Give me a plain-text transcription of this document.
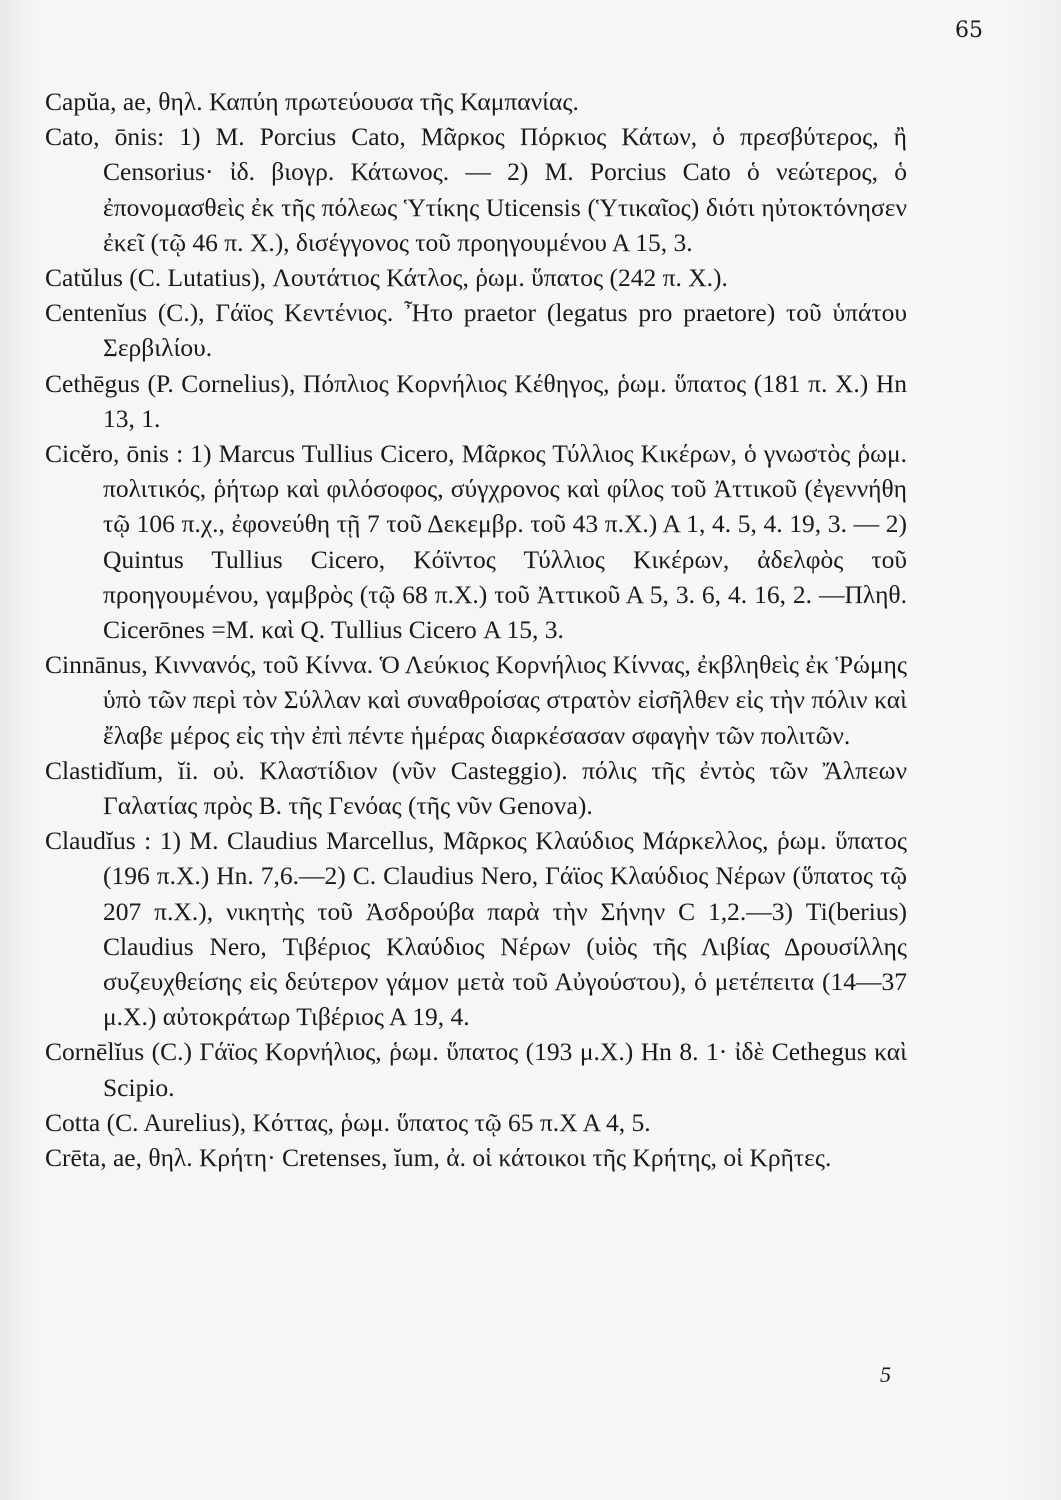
65

Capŭa, ae, θηλ. Καπύη πρωτεύουσα τῆς Καμπανίας.

Cato, ōnis: 1) M. Porcius Cato, Μᾶρκος Πόρκιος Κάτων, ὁ πρεσβύτερος, ἢ Censorius· ἰδ. βιογρ. Κάτωνος. — 2) M. Porcius Cato ὁ νεώτερος, ὁ ἐπονομασθεὶς ἐκ τῆς πόλεως Ὑτίκης Uticensis (Ὑτικαῖος) διότι ηὐτοκτόνησεν ἐκεῖ (τῷ 46 π. Χ.), δισέγγονος τοῦ προηγουμένου Α 15, 3.

Catŭlus (C. Lutatius), Λουτάτιος Κάτλος, ῥωμ. ὕπατος (242 π. Χ.).

Centenĭus (C.), Γάϊος Κεντένιος. Ἦτο praetor (legatus pro praetore) τοῦ ὑπάτου Σερβιλίου.

Cethēgus (P. Cornelius), Πόπλιος Κορνήλιος Κέθηγος, ῥωμ. ὕπατος (181 π. Χ.) Ηn 13, 1.

Cicĕro, ōnis : 1) Marcus Tullius Cicero, Μᾶρκος Τύλλιος Κικέρων, ὁ γνωστὸς ῥωμ. πολιτικός, ῥήτωρ καὶ φιλόσοφος, σύγχρονος καὶ φίλος τοῦ Ἀττικοῦ (ἐγεννήθη τῷ 106 π.χ., ἐφονεύθη τῇ 7 τοῦ Δεκεμβρ. τοῦ 43 π.Χ.) Α 1, 4. 5, 4. 19, 3. — 2) Quintus Tullius Cicero, Κόϊντος Τύλλιος Κικέρων, ἀδελφὸς τοῦ προηγουμένου, γαμβρὸς (τῷ 68 π.Χ.) τοῦ Ἀττικοῦ Α 5, 3. 6, 4. 16, 2. —Πληθ. Cicerōnes =M. καὶ Q. Tullius Cicero Α 15, 3.

Cinnānus, Κιννανός, τοῦ Κίννα. Ὁ Λεύκιος Κορνήλιος Κίννας, ἐκβληθεὶς ἐκ Ῥώμης ὑπὸ τῶν περὶ τὸν Σύλλαν καὶ συναθροίσας στρατὸν εἰσῆλθεν εἰς τὴν πόλιν καὶ ἔλαβε μέρος εἰς τὴν ἐπὶ πέντε ἡμέρας διαρκέσασαν σφαγὴν τῶν πολιτῶν.

Clastidĭum, ĭi. οὐ. Κλαστίδιον (νῦν Casteggio). πόλις τῆς ἐντὸς τῶν Ἄλπεων Γαλατίας πρὸς Β. τῆς Γενόας (τῆς νῦν Genova).

Claudĭus : 1) M. Claudius Marcellus, Μᾶρκος Κλαύδιος Μάρκελλος, ῥωμ. ὕπατος (196 π.Χ.) Ηn. 7,6.—2) C. Claudius Nero, Γάϊος Κλαύδιος Νέρων (ὕπατος τῷ 207 π.Χ.), νικητὴς τοῦ Ἀσδρούβα παρὰ τὴν Σήνην C 1,2.—3) Ti(berius) Claudius Nero, Τιβέριος Κλαύδιος Νέρων (υἱὸς τῆς Λιβίας Δρουσίλλης συζευχθείσης εἰς δεύτερον γάμον μετὰ τοῦ Αὐγούστου), ὁ μετέπειτα (14—37 μ.Χ.) αὐτοκράτωρ Τιβέριος Α 19, 4.

Cornēlĭus (C.) Γάϊος Κορνήλιος, ῥωμ. ὕπατος (193 μ.Χ.) Ηn 8. 1· ἰδὲ Cethegus καὶ Scipio.

Cotta (C. Aurelius), Κόττας, ῥωμ. ὕπατος τῷ 65 π.Χ Α 4, 5.

Crēta, ae, θηλ. Κρήτη· Cretenses, ĭum, ἀ. οἱ κάτοικοι τῆς Κρήτης, οἱ Κρῆτες.

5
